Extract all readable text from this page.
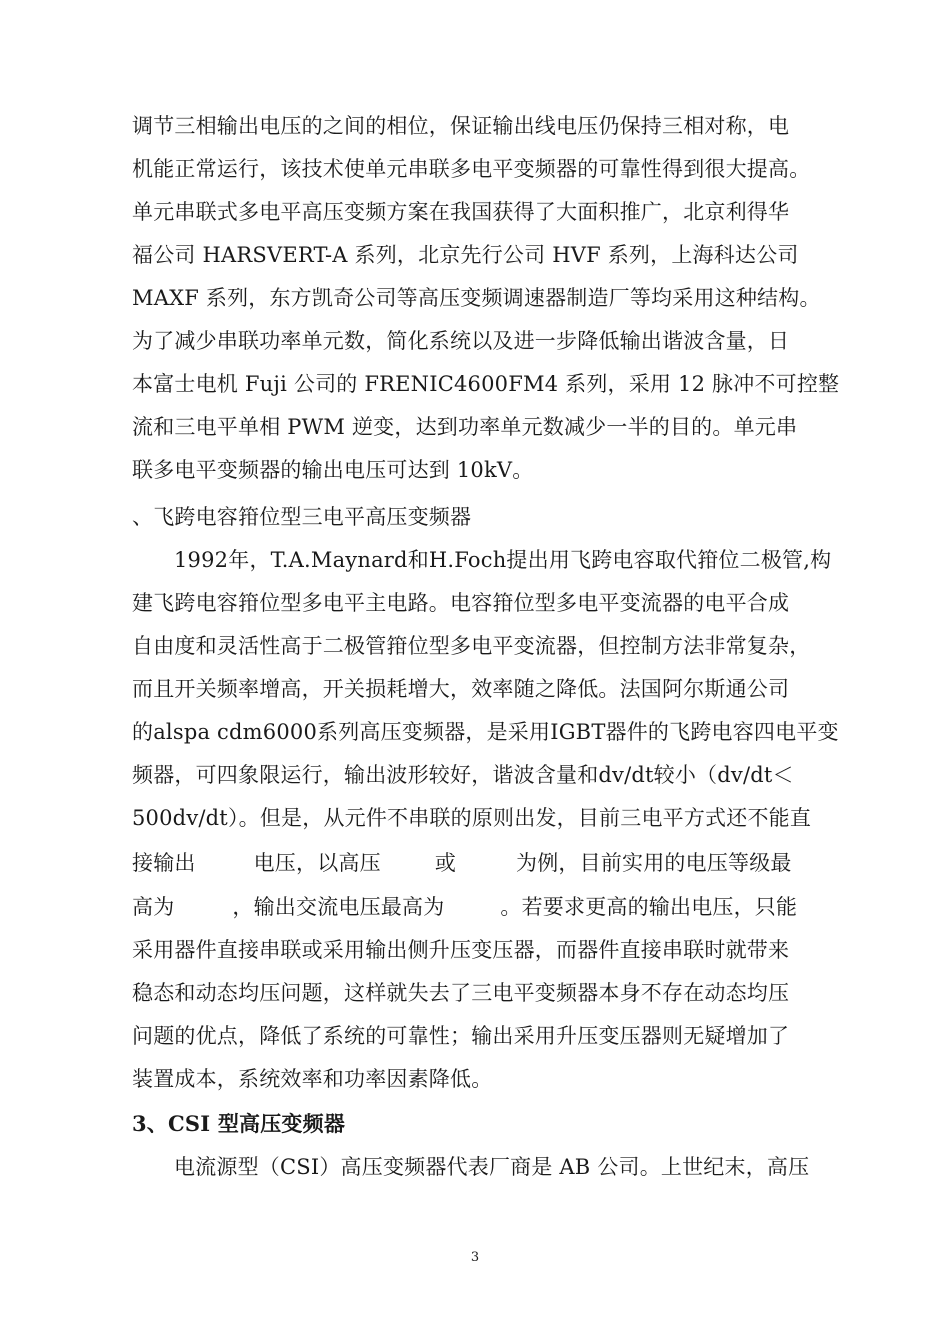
调节三相输出电压的之间的相位，保证输出线电压仍保持三相对称，电
机能正常运行，该技术使单元串联多电平变频器的可靠性得到很大提高。
单元串联式多电平高压变频方案在我国获得了大面积推广，北京利得华
福公司 HARSVERT-A 系列，北京先行公司 HVF 系列，上海科达公司
MAXF 系列，东方凯奇公司等高压变频调速器制造厂等均采用这种结构。
为了减少串联功率单元数，简化系统以及进一步降低输出谐波含量，日
本富士电机 Fuji 公司的 FRENIC4600FM4 系列，采用 12 脉冲不可控整
流和三电平单相 PWM 逆变，达到功率单元数减少一半的目的。单元串
联多电平变频器的输出电压可达到 10kV。
、飞跨电容箝位型三电平高压变频器
1992年，T.A.Maynard和H.Foch提出用飞跨电容取代箝位二极管,构
建飞跨电容箝位型多电平主电路。电容箝位型多电平变流器的电平合成
自由度和灵活性高于二极管箝位型多电平变流器，但控制方法非常复杂，
而且开关频率增高，开关损耗增大，效率随之降低。法国阿尔斯通公司
的alspa cdm6000系列高压变频器，是采用IGBT器件的飞跨电容四电平变
频器，可四象限运行，输出波形较好，谐波含量和dv/dt较小（dv/dt＜
500dv/dt）。但是，从元件不串联的原则出发，目前三电平方式还不能直
接输出	电压，以高压	或	为例，目前实用的电压等级最
高为	，输出交流电压最高为	。若要求更高的输出电压，只能
采用器件直接串联或采用输出侧升压变压器，而器件直接串联时就带来
稳态和动态均压问题，这样就失去了三电平变频器本身不存在动态均压
问题的优点，降低了系统的可靠性；输出采用升压变压器则无疑增加了
装置成本，系统效率和功率因素降低。
3、CSI 型高压变频器
电流源型（CSI）高压变频器代表厂商是 AB 公司。上世纪末，高压
3
